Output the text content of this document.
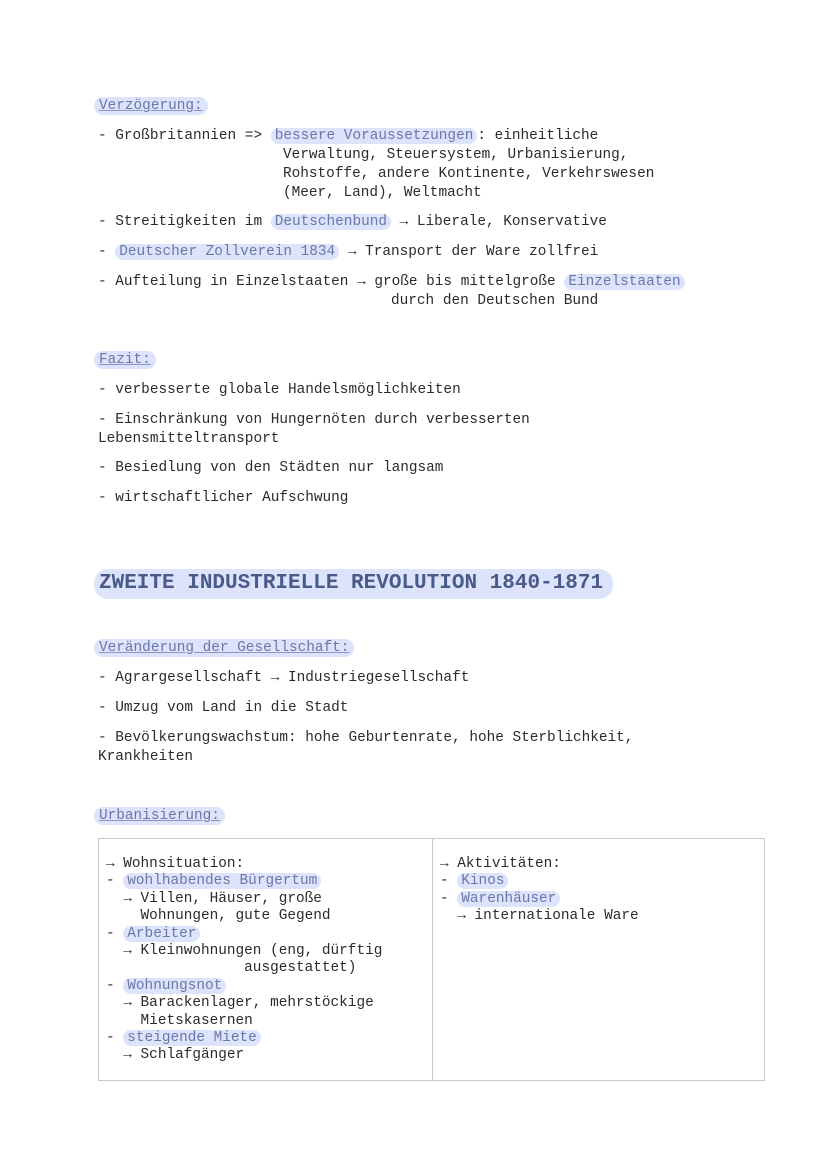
Verzögerung:
- Großbritannien => bessere Voraussetzungen : einheitliche
Verwaltung, Steuersystem, Urbanisierung,
Rohstoffe, andere Kontinente, Verkehrswesen
(Meer, Land), Weltmacht
- Streitigkeiten im Deutschenbund → Liberale, Konservative
- Deutscher Zollverein 1834 → Transport der Ware zollfrei
- Aufteilung in Einzelstaaten → große bis mittelgroße Einzelstaaten
durch den Deutschen Bund
Fazit:
- verbesserte globale Handelsmöglichkeiten
- Einschränkung von Hungernöten durch verbesserten
Lebensmitteltransport
- Besiedlung von den Städten nur langsam
- wirtschaftlicher Aufschwung
ZWEITE INDUSTRIELLE REVOLUTION 1840-1871
Veränderung der Gesellschaft:
- Agrargesellschaft → Industriegesellschaft
- Umzug vom Land in die Stadt
- Bevölkerungswachstum: hohe Geburtenrate, hohe Sterblichkeit,
Krankheiten
Urbanisierung:
→ Wohnsituation:
- wohlhabendes Bürgertum
→ Villen, Häuser, große
Wohnungen, gute Gegend
- Arbeiter
→ Kleinwohnungen (eng, dürftig
ausgestattet)
- Wohnungsnot
→ Barackenlager, mehrstöckige
Mietskasernen
- steigende Miete
→ Schlafgänger
→ Aktivitäten:
- Kinos
- Warenhäuser
→ internationale Ware
